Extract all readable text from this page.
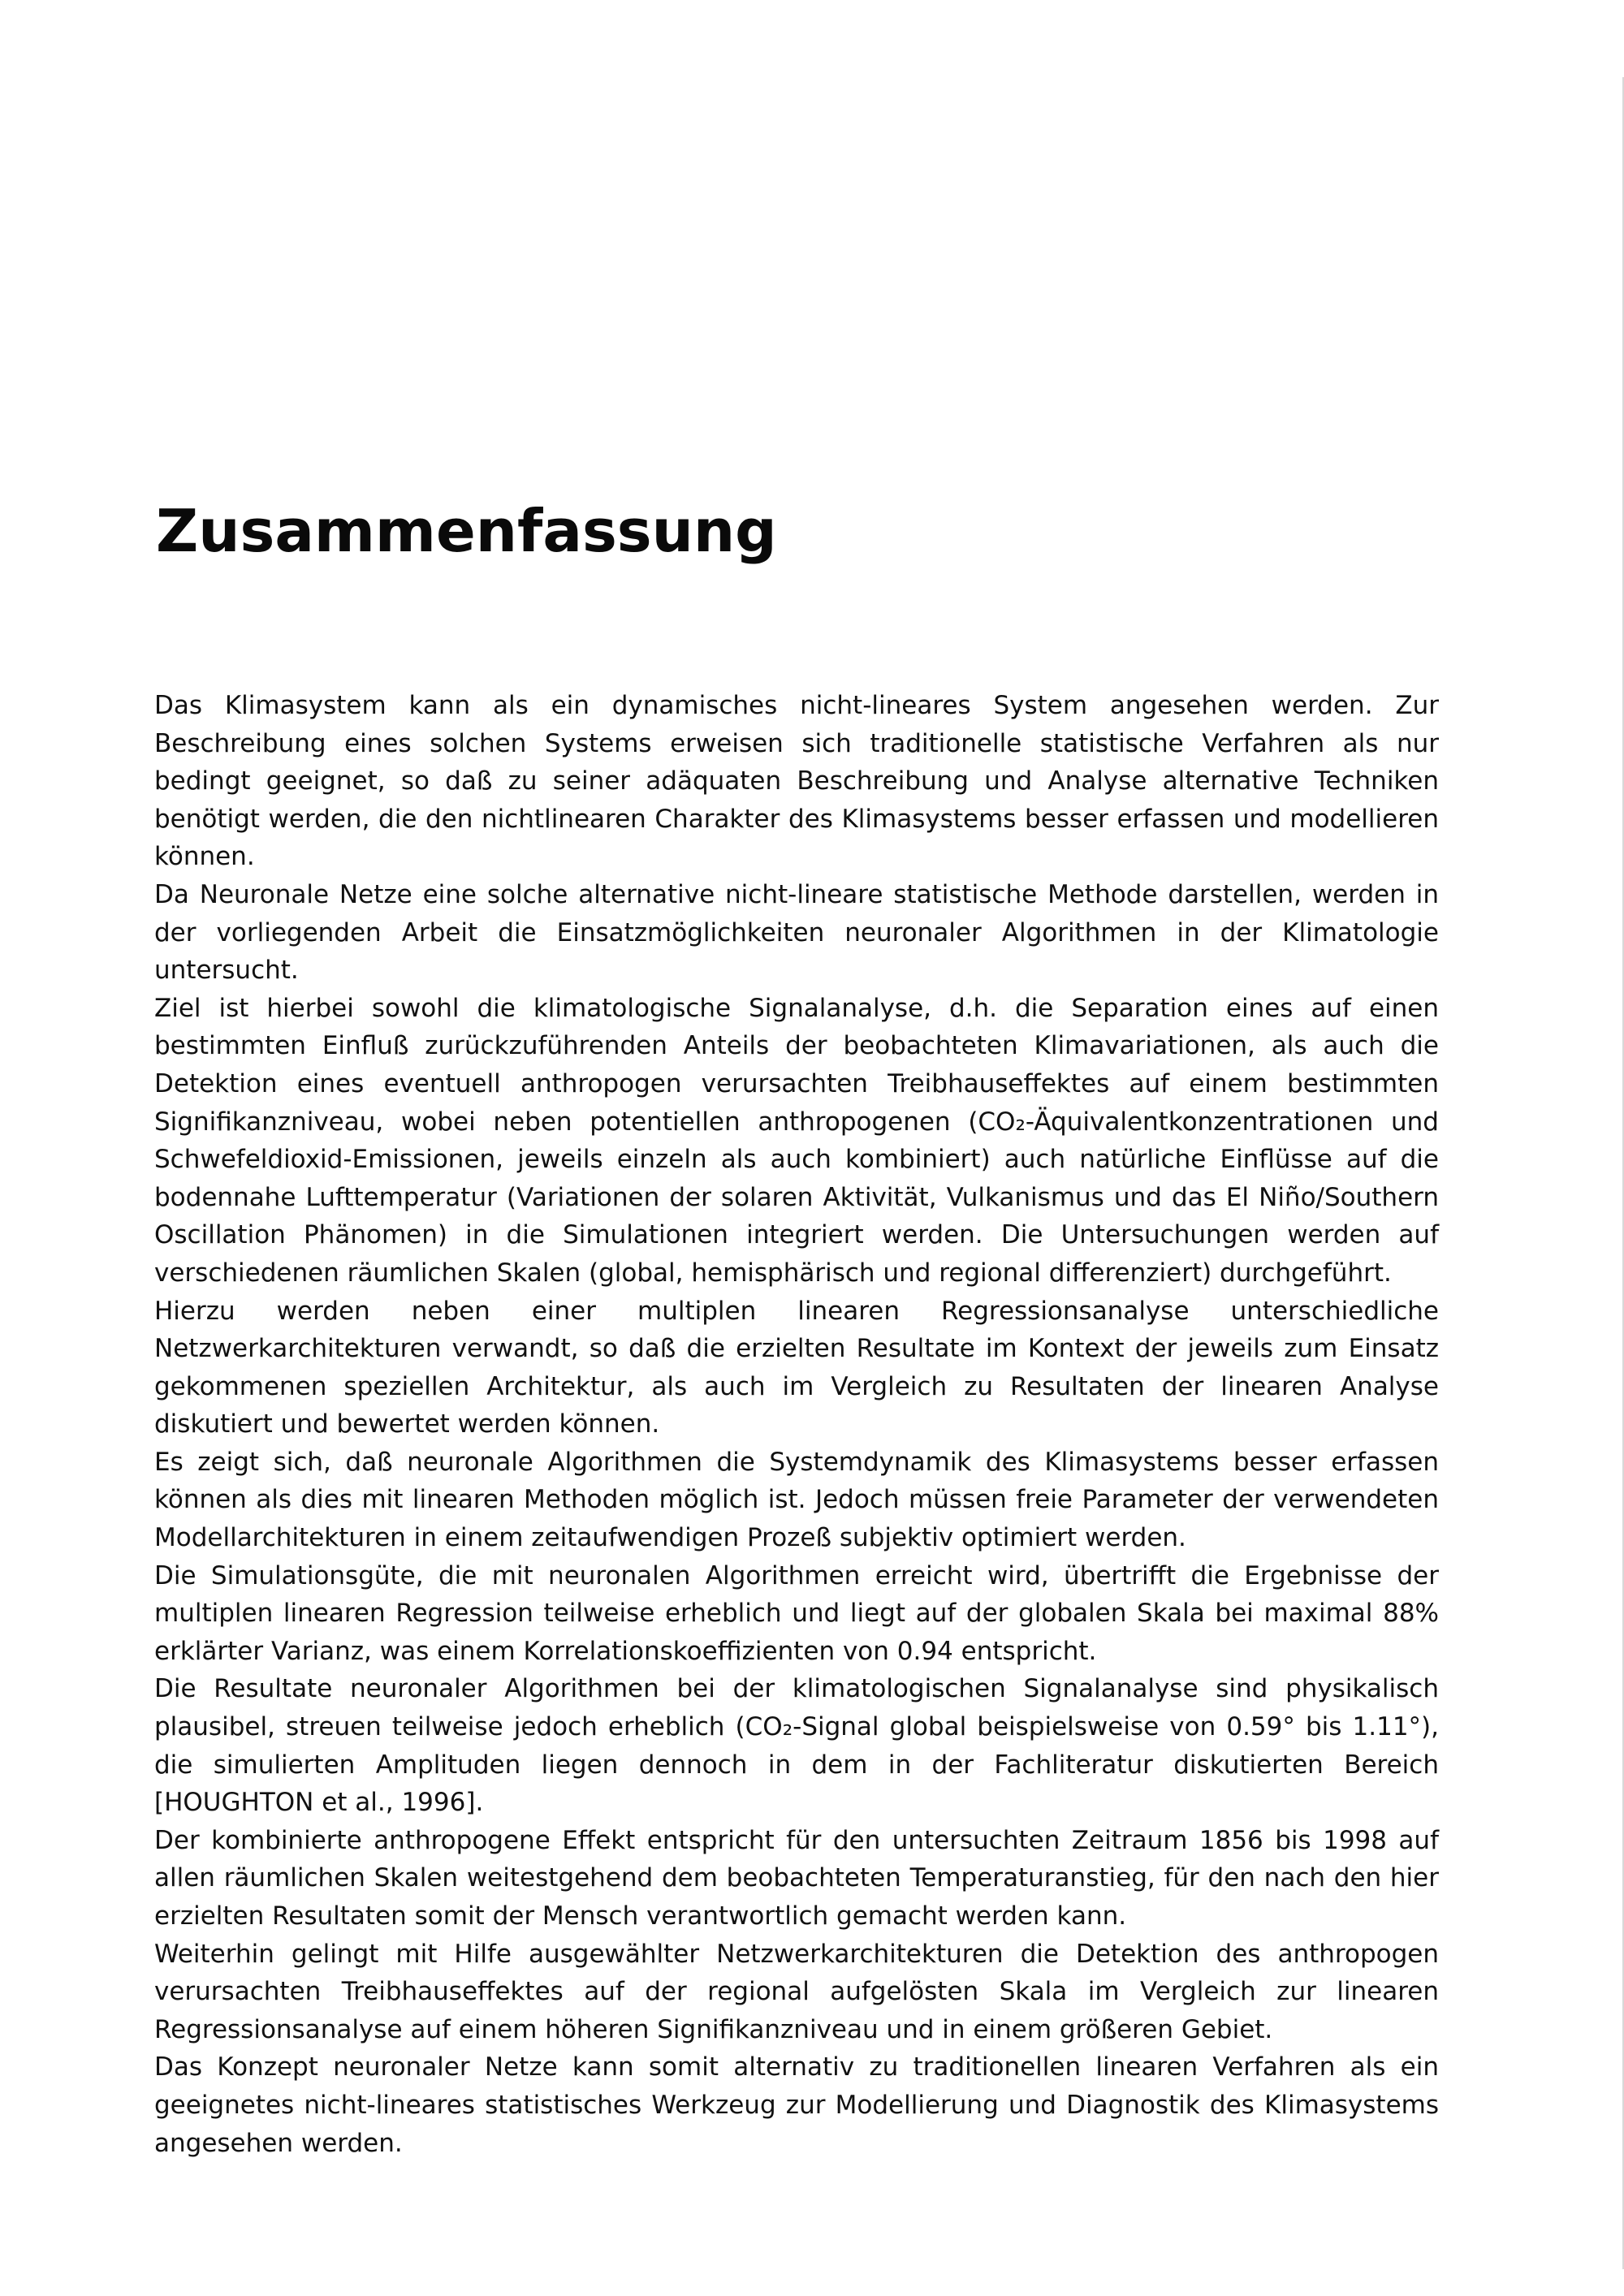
Zusammenfassung

Das Klimasystem kann als ein dynamisches nicht-lineares System angesehen werden. Zur Beschreibung eines solchen Systems erweisen sich traditionelle statistische Verfahren als nur bedingt geeignet, so daß zu seiner adäquaten Beschreibung und Analyse alternative Techniken benötigt werden, die den nichtlinearen Charakter des Klimasystems besser erfassen und modellieren können.

Da Neuronale Netze eine solche alternative nicht-lineare statistische Methode darstellen, werden in der vorliegenden Arbeit die Einsatzmöglichkeiten neuronaler Algorithmen in der Klimatologie untersucht.

Ziel ist hierbei sowohl die klimatologische Signalanalyse, d.h. die Separation eines auf einen bestimmten Einfluß zurückzuführenden Anteils der beobachteten Klimavariationen, als auch die Detektion eines eventuell anthropogen verursachten Treibhauseffektes auf einem bestimmten Signifikanzniveau, wobei neben potentiellen anthropogenen (CO₂-Äquivalentkonzentrationen und Schwefeldioxid-Emissionen, jeweils einzeln als auch kombiniert) auch natürliche Einflüsse auf die bodennahe Lufttemperatur (Variationen der solaren Aktivität, Vulkanismus und das El Niño/Southern Oscillation Phänomen) in die Simulationen integriert werden. Die Untersuchungen werden auf verschiedenen räumlichen Skalen (global, hemisphärisch und regional differenziert) durchgeführt.

Hierzu werden neben einer multiplen linearen Regressionsanalyse unterschiedliche Netzwerkarchitekturen verwandt, so daß die erzielten Resultate im Kontext der jeweils zum Einsatz gekommenen speziellen Architektur, als auch im Vergleich zu Resultaten der linearen Analyse diskutiert und bewertet werden können.

Es zeigt sich, daß neuronale Algorithmen die Systemdynamik des Klimasystems besser erfassen können als dies mit linearen Methoden möglich ist. Jedoch müssen freie Parameter der verwendeten Modellarchitekturen in einem zeitaufwendigen Prozeß subjektiv optimiert werden.

Die Simulationsgüte, die mit neuronalen Algorithmen erreicht wird, übertrifft die Ergebnisse der multiplen linearen Regression teilweise erheblich und liegt auf der globalen Skala bei maximal 88% erklärter Varianz, was einem Korrelationskoeffizienten von 0.94 entspricht.

Die Resultate neuronaler Algorithmen bei der klimatologischen Signalanalyse sind physikalisch plausibel, streuen teilweise jedoch erheblich (CO₂-Signal global beispielsweise von 0.59° bis 1.11°), die simulierten Amplituden liegen dennoch in dem in der Fachliteratur diskutierten Bereich [HOUGHTON et al., 1996].

Der kombinierte anthropogene Effekt entspricht für den untersuchten Zeitraum 1856 bis 1998 auf allen räumlichen Skalen weitestgehend dem beobachteten Temperaturanstieg, für den nach den hier erzielten Resultaten somit der Mensch verantwortlich gemacht werden kann.

Weiterhin gelingt mit Hilfe ausgewählter Netzwerkarchitekturen die Detektion des anthropogen verursachten Treibhauseffektes auf der regional aufgelösten Skala im Vergleich zur linearen Regressionsanalyse auf einem höheren Signifikanzniveau und in einem größeren Gebiet.

Das Konzept neuronaler Netze kann somit alternativ zu traditionellen linearen Verfahren als ein geeignetes nicht-lineares statistisches Werkzeug zur Modellierung und Diagnostik des Klimasystems angesehen werden.
